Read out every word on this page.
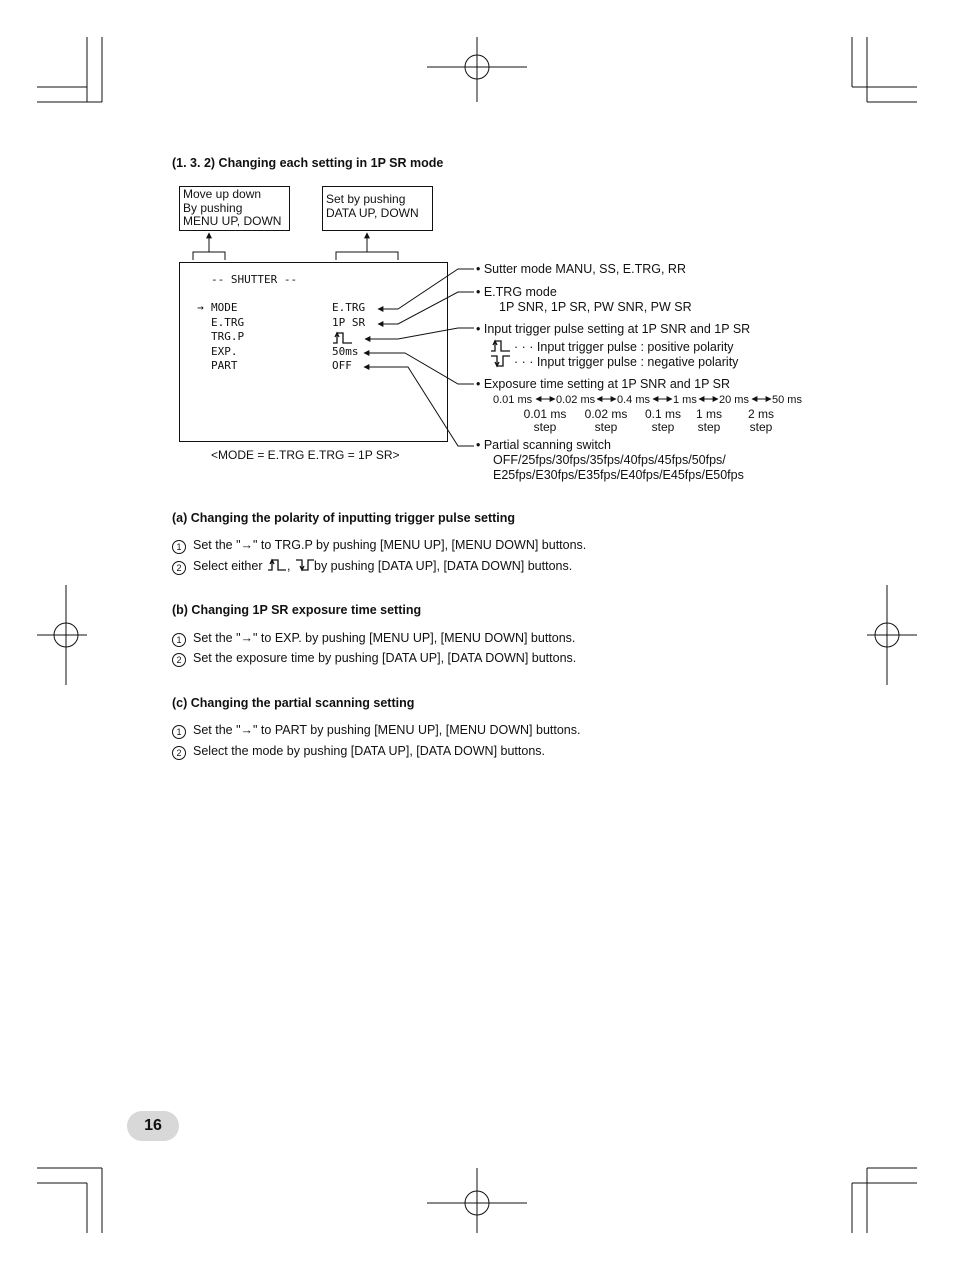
(1. 3. 2) Changing each setting in 1P SR mode
Move up down
By pushing
MENU UP, DOWN
Set by pushing
DATA UP, DOWN
-- SHUTTER --
→ MODE
E.TRG
TRG.P
EXP.
PART
E.TRG
1P SR
50ms
OFF
<MODE = E.TRG E.TRG = 1P SR>
• Sutter mode MANU, SS, E.TRG, RR
• E.TRG mode
1P SNR, 1P SR, PW SNR, PW SR
• Input trigger pulse setting at 1P SNR and 1P SR
· · · Input trigger pulse : positive polarity
· · · Input trigger pulse : negative polarity
• Exposure time setting at 1P SNR and 1P SR
0.01 ms 0.02 ms 0.4 ms 1 ms 20 ms 50 ms
0.01 ms
step
0.02 ms
step
0.1 ms
step
1 ms
step
2 ms
step
• Partial scanning switch
OFF/25fps/30fps/35fps/40fps/45fps/50fps/
E25fps/E30fps/E35fps/E40fps/E45fps/E50fps
(a) Changing the polarity of inputting trigger pulse setting
1 Set the "→" to TRG.P by pushing [MENU UP], [MENU DOWN] buttons.
2 Select either , by pushing [DATA UP], [DATA DOWN] buttons.
(b) Changing 1P SR exposure time setting
1 Set the "→" to EXP. by pushing [MENU UP], [MENU DOWN] buttons.
2 Set the exposure time by pushing [DATA UP], [DATA DOWN] buttons.
(c) Changing the partial scanning setting
1 Set the "→" to PART by pushing [MENU UP], [MENU DOWN] buttons.
2 Select the mode by pushing [DATA UP], [DATA DOWN] buttons.
16
